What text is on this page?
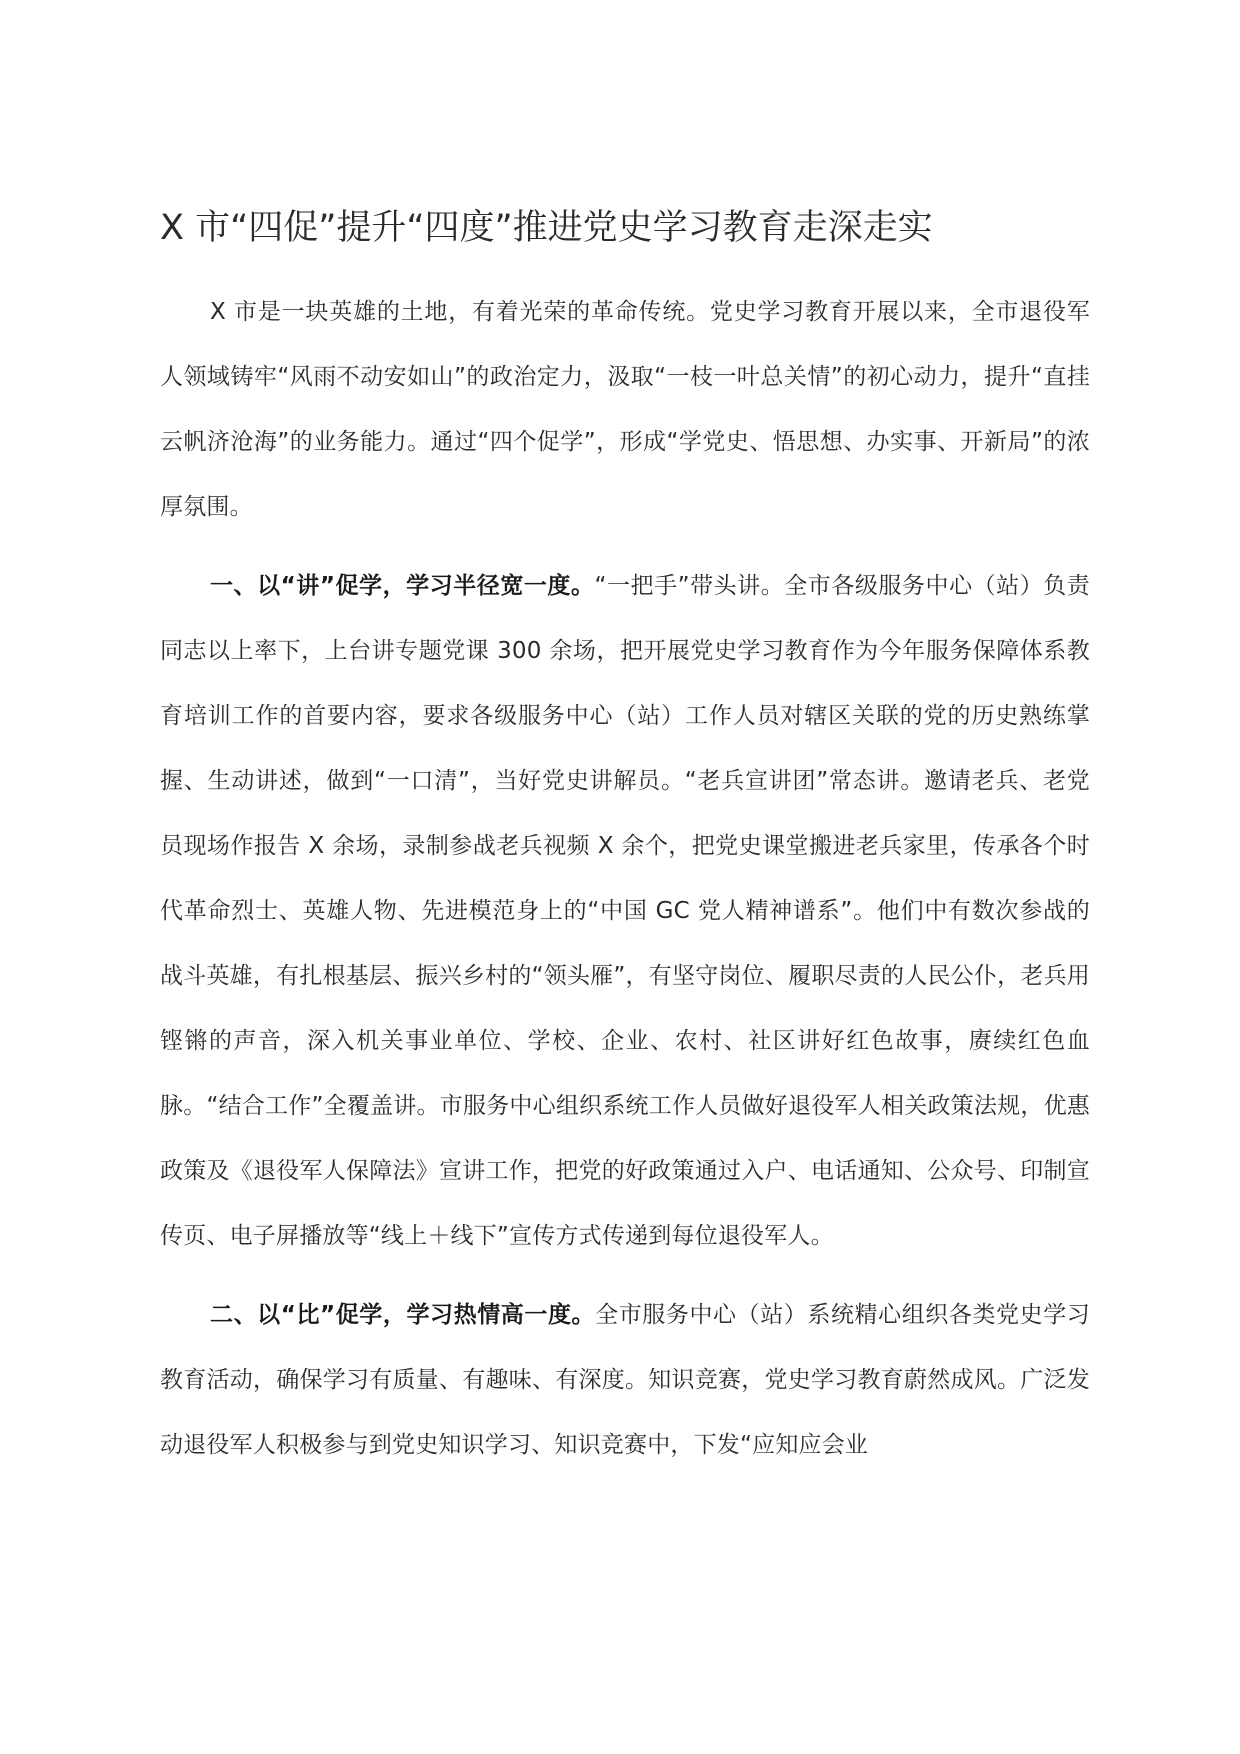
X 市“四促”提升“四度”推进党史学习教育走深走实

X 市是一块英雄的土地，有着光荣的革命传统。党史学习教育开展以来，全市退役军人领域铸牢“风雨不动安如山”的政治定力，汲取“一枝一叶总关情”的初心动力，提升“直挂云帆济沧海”的业务能力。通过“四个促学”，形成“学党史、悟思想、办实事、开新局”的浓厚氛围。

一、以“讲”促学，学习半径宽一度。“一把手”带头讲。全市各级服务中心（站）负责同志以上率下，上台讲专题党课 300 余场，把开展党史学习教育作为今年服务保障体系教育培训工作的首要内容，要求各级服务中心（站）工作人员对辖区关联的党的历史熟练掌握、生动讲述，做到“一口清”，当好党史讲解员。“老兵宣讲团”常态讲。邀请老兵、老党员现场作报告 X 余场，录制参战老兵视频 X 余个，把党史课堂搬进老兵家里，传承各个时代革命烈士、英雄人物、先进模范身上的“中国 GC 党人精神谱系”。他们中有数次参战的战斗英雄，有扎根基层、振兴乡村的“领头雁”，有坚守岗位、履职尽责的人民公仆，老兵用铿锵的声音，深入机关事业单位、学校、企业、农村、社区讲好红色故事，赓续红色血脉。“结合工作”全覆盖讲。市服务中心组织系统工作人员做好退役军人相关政策法规，优惠政策及《退役军人保障法》宣讲工作，把党的好政策通过入户、电话通知、公众号、印制宣传页、电子屏播放等“线上＋线下”宣传方式传递到每位退役军人。

二、以“比”促学，学习热情高一度。全市服务中心（站）系统精心组织各类党史学习教育活动，确保学习有质量、有趣味、有深度。知识竞赛，党史学习教育蔚然成风。广泛发动退役军人积极参与到党史知识学习、知识竞赛中，下发“应知应会业
